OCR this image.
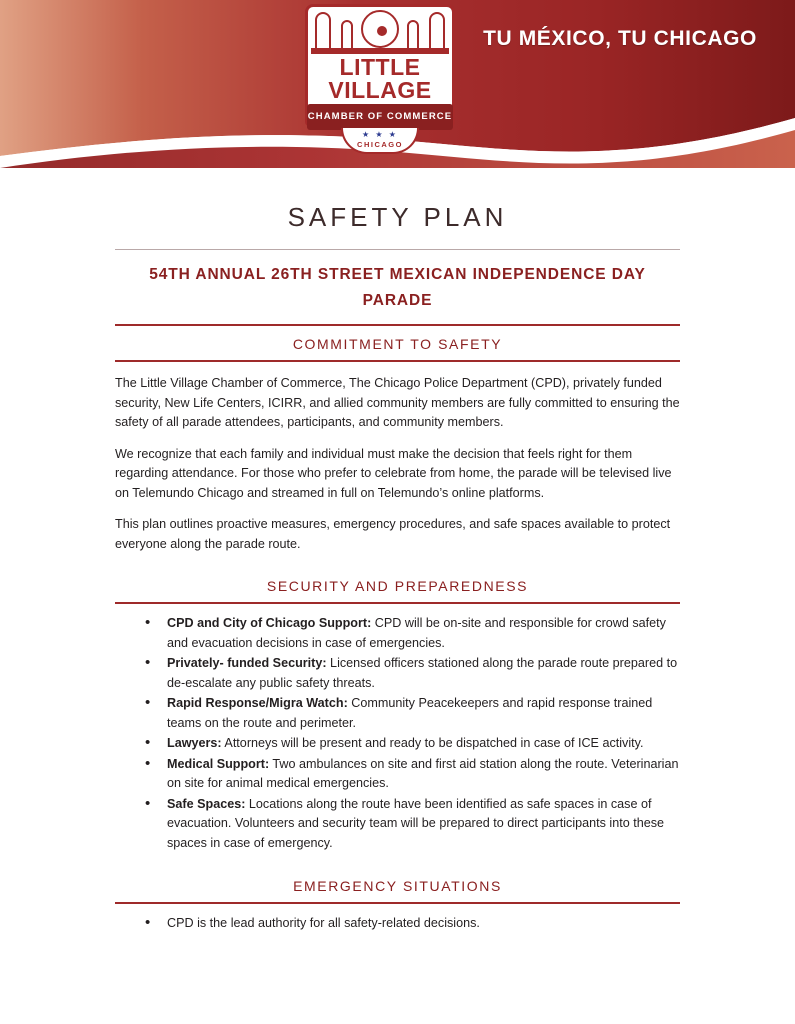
TU MÉXICO, TU CHICAGO
LITTLE
VILLAGE
CHAMBER OF COMMERCE
★ ★ ★
CHICAGO
SAFETY PLAN
54TH ANNUAL 26TH STREET MEXICAN INDEPENDENCE DAY PARADE
COMMITMENT TO SAFETY

The Little Village Chamber of Commerce, The Chicago Police Department (CPD), privately funded security, New Life Centers, ICIRR, and allied community members are fully committed to ensuring the safety of all parade attendees, participants, and community members.

We recognize that each family and individual must make the decision that feels right for them regarding attendance. For those who prefer to celebrate from home, the parade will be televised live on Telemundo Chicago and streamed in full on Telemundo’s online platforms.

This plan outlines proactive measures, emergency procedures, and safe spaces available to protect everyone along the parade route.

SECURITY AND PREPAREDNESS
• CPD and City of Chicago Support: CPD will be on-site and responsible for crowd safety and evacuation decisions in case of emergencies.
• Privately- funded Security: Licensed officers stationed along the parade route prepared to de-escalate any public safety threats.
• Rapid Response/Migra Watch: Community Peacekeepers and rapid response trained teams on the route and perimeter.
• Lawyers: Attorneys will be present and ready to be dispatched in case of ICE activity.
• Medical Support: Two ambulances on site and first aid station along the route. Veterinarian on site for animal medical emergencies.
• Safe Spaces: Locations along the route have been identified as safe spaces in case of evacuation. Volunteers and security team will be prepared to direct participants into these spaces in case of emergency.
EMERGENCY SITUATIONS
• CPD is the lead authority for all safety-related decisions.
